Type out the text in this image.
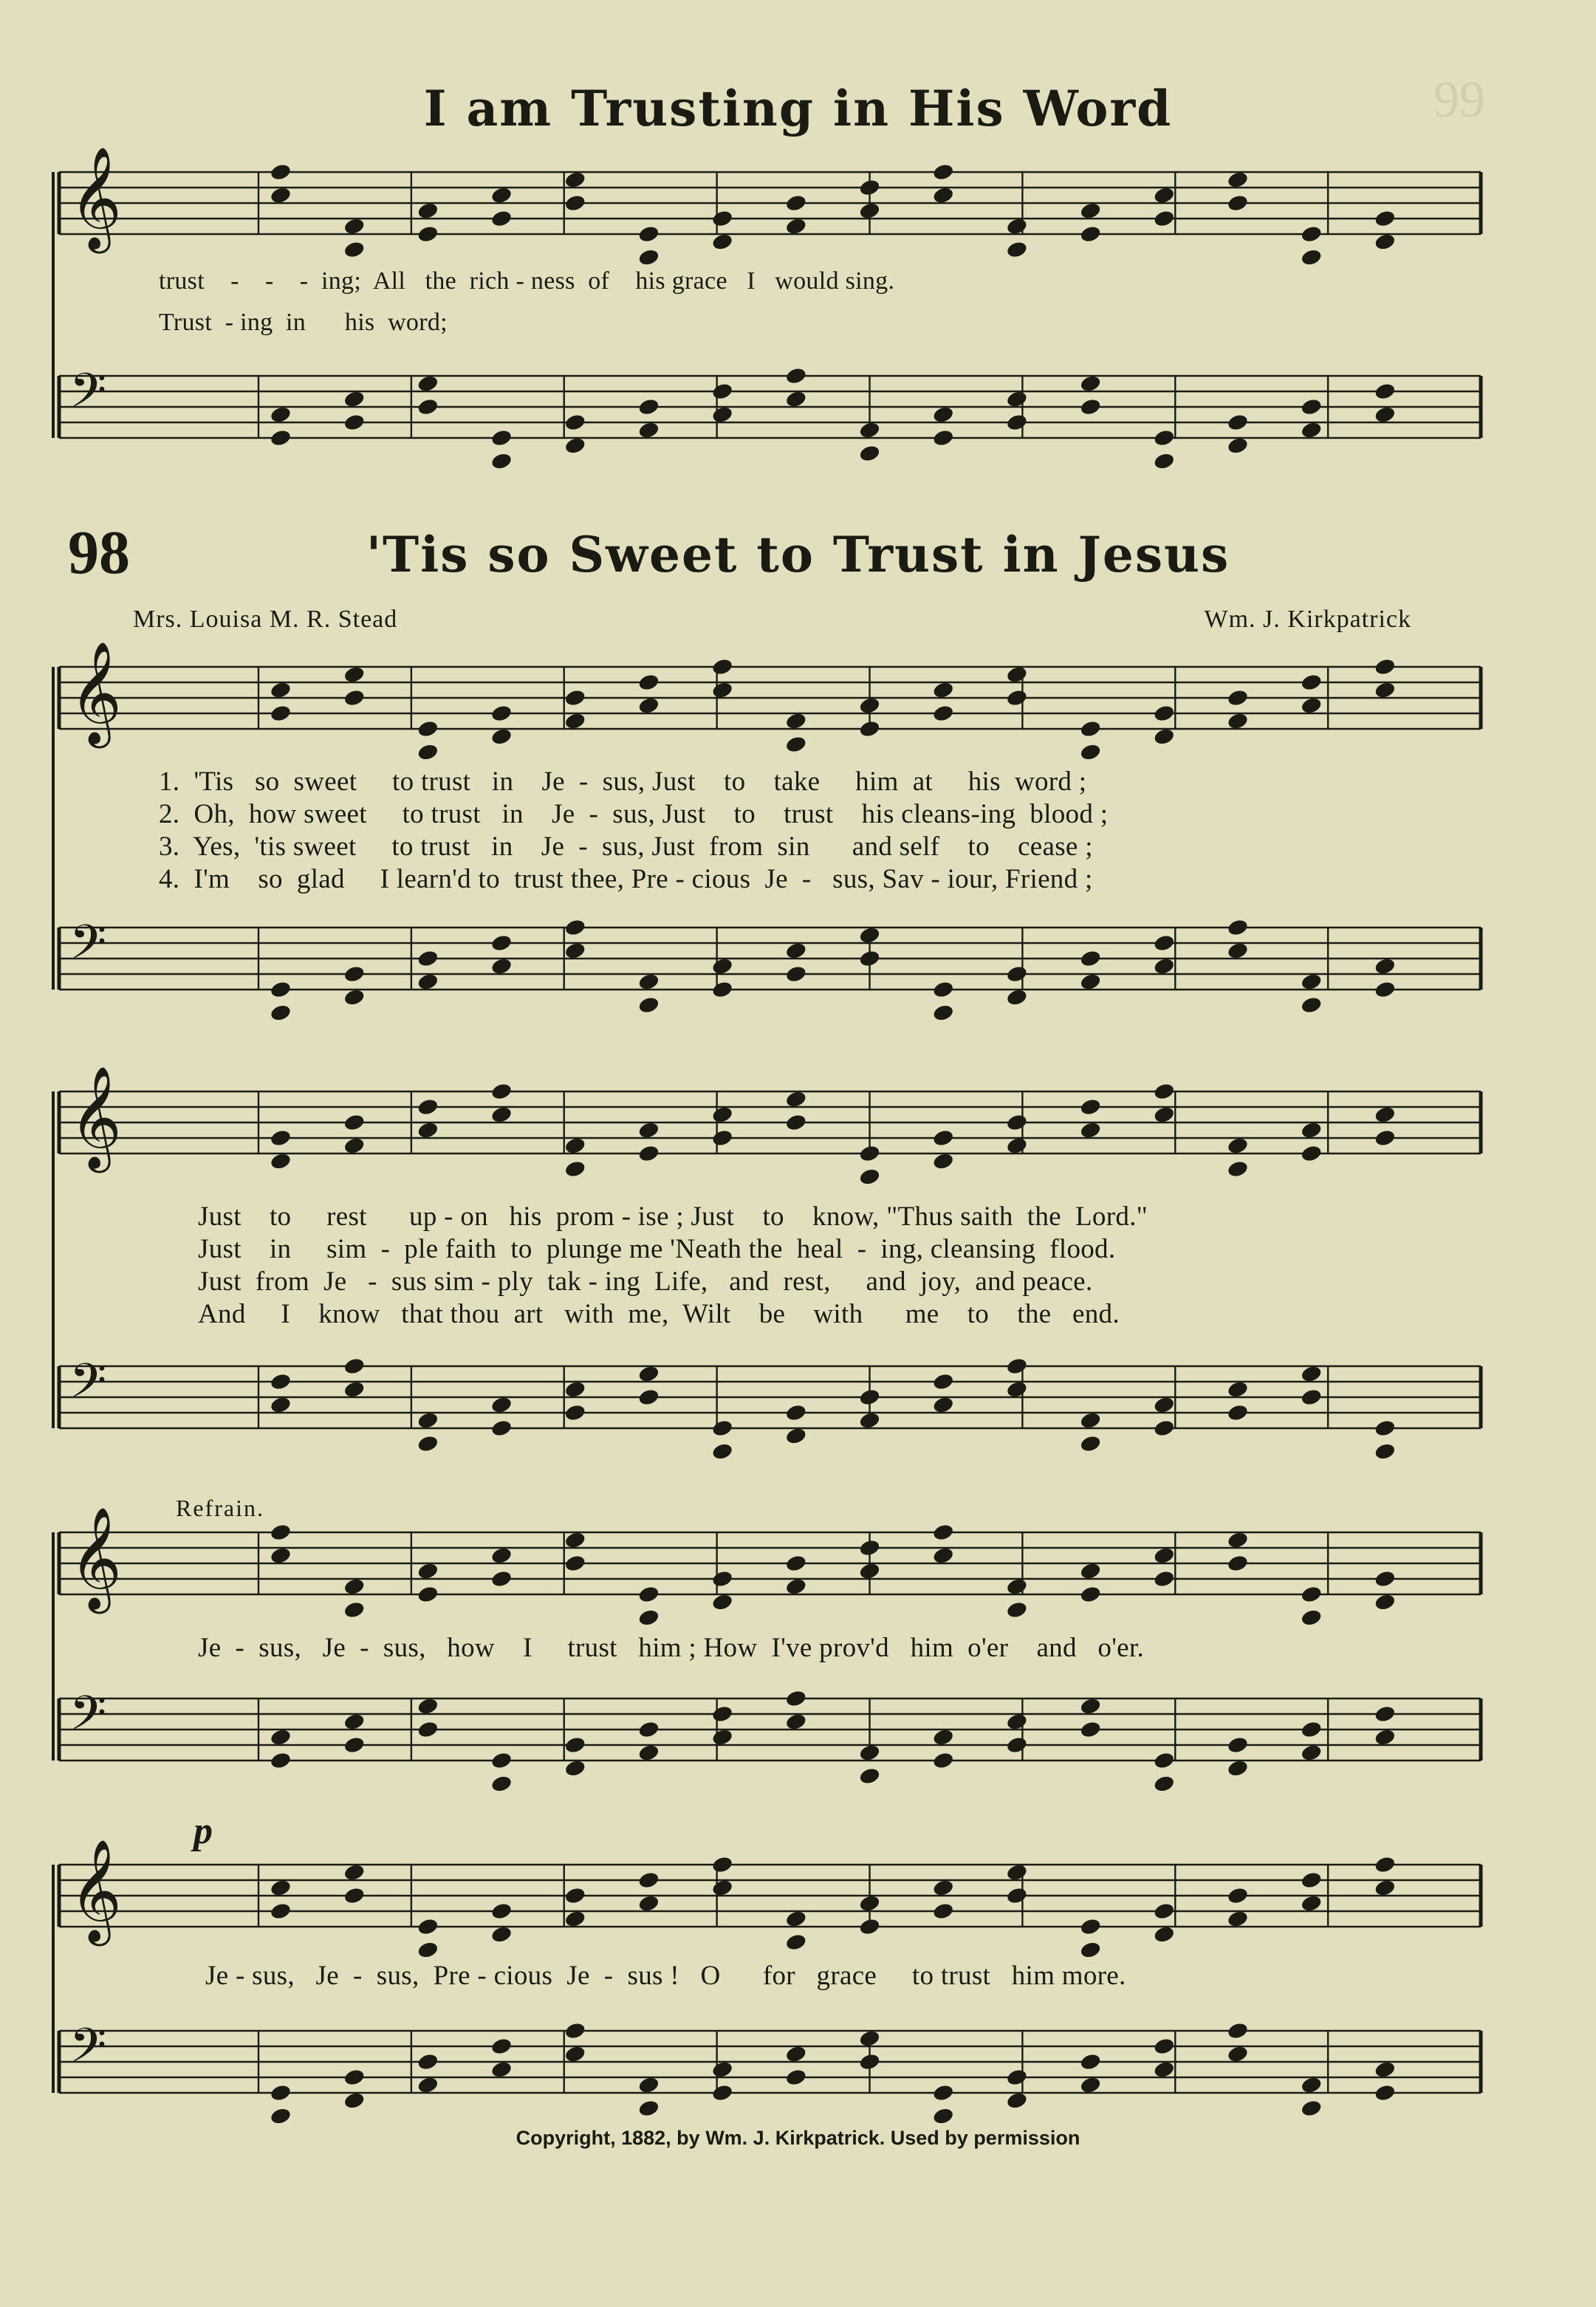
99
I am Trusting in His Word
𝄞
𝄢
𝄞
𝄢
𝄞
𝄢
𝄞
𝄢
𝄞
𝄢
trust    -    -    -  ing;  All   the  rich - ness  of    his grace   I   would sing.
Trust  - ing  in      his  word;
98	'Tis so Sweet to Trust in Jesus
Mrs. Louisa M. R. Stead	Wm. J. Kirkpatrick
1.  'Tis   so  sweet     to trust   in    Je  -  sus, Just    to    take     him  at     his  word ;
2.  Oh,  how sweet     to trust   in    Je  -  sus, Just    to    trust    his cleans-ing  blood ;
3.  Yes,  'tis sweet     to trust   in    Je  -  sus, Just  from  sin      and self    to    cease ;
4.  I'm    so  glad     I learn'd to  trust thee, Pre - cious  Je  -   sus, Sav - iour, Friend ;
Just    to     rest      up - on   his  prom - ise ; Just    to    know, "Thus saith  the  Lord."
Just    in     sim  -  ple faith  to  plunge me 'Neath the  heal  -  ing, cleansing  flood.
Just  from  Je   -  sus sim - ply  tak - ing  Life,   and  rest,     and  joy,  and peace.
And     I    know   that thou  art   with  me,  Wilt    be    with      me    to    the   end.
Refrain.
Je  -  sus,   Je  -  sus,   how    I     trust   him ; How  I've prov'd   him  o'er    and   o'er.
p
Je - sus,   Je  -  sus,  Pre - cious  Je  -  sus !   O      for   grace     to trust   him more.
Copyright, 1882, by Wm. J. Kirkpatrick. Used by permission
